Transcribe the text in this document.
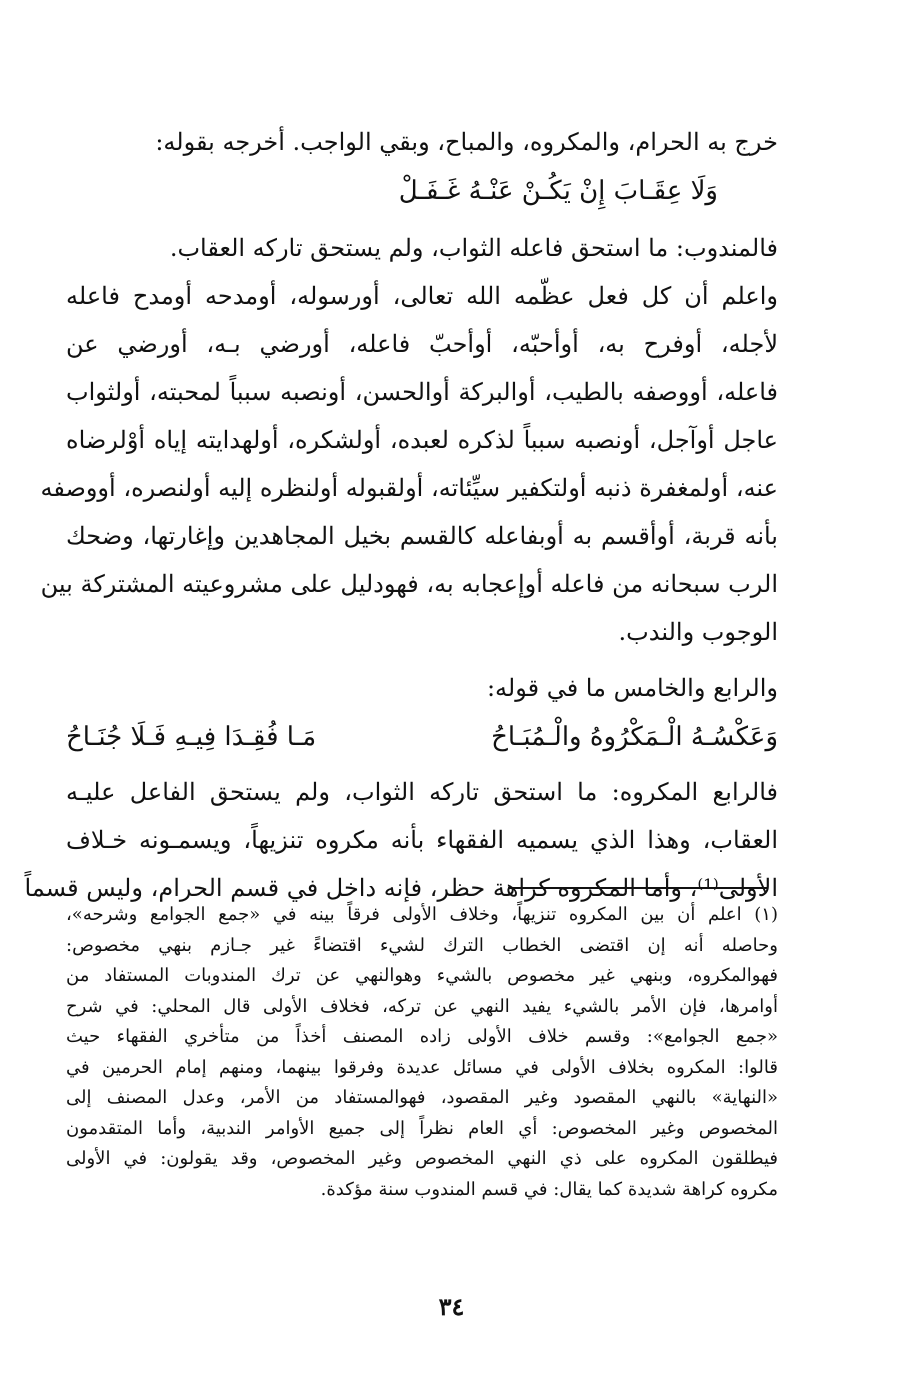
خرج به الحرام، والمكروه، والمباح، وبقي الواجب. أخرجه بقوله:
وَلَا عِقَـابَ إِنْ يَكُـنْ عَنْـهُ غَـفَـلْ
فالمندوب: ما استحق فاعله الثواب، ولم يستحق تاركه العقاب.
واعلم أن كل فعل عظّمه الله تعالى، أورسوله، أومدحه أومدح فاعله
لأجله، أوفرح به، أوأحبّه، أوأحبّ فاعله، أورضي بـه، أورضي عن
فاعله، أووصفه بالطيب، أوالبركة أوالحسن، أونصبه سبباً لمحبته، أولثواب
عاجل أوآجل، أونصبه سبباً لذكره لعبده، أولشكره، أولهدايته إياه أوْلرضاه
عنه، أولمغفرة ذنبه أولتكفير سيِّئاته، أولقبوله أولنظره إليه أولنصره، أووصفه
بأنه قربة، أوأقسم به أوبفاعله كالقسم بخيل المجاهدين وإغارتها، وضحك
الرب سبحانه من فاعله أوإعجابه به، فهودليل على مشروعيته المشتركة بين
الوجوب والندب.
والرابع والخامس ما في قوله:
وَعَكْسُـهُ الْـمَكْرُوهُ والْـمُبَـاحُ
مَـا فُقِـدَا فِيـهِ فَـلَا جُنَـاحُ
فالرابع المكروه: ما استحق تاركه الثواب، ولم يستحق الفاعل عليـه
العقاب، وهذا الذي يسميه الفقهاء بأنه مكروه تنزيهاً، ويسمـونه خـلاف
الأولى⁽¹⁾، وأما المكروه كراهة حظر، فإنه داخل في قسم الحرام، وليس قسماً
(١) اعلم أن بين المكروه تنزيهاً، وخلاف الأولى فرقاً بينه في «جمع الجوامع وشرحه»،
وحاصله أنه إن اقتضى الخطاب الترك لشيء اقتضاءً غير جـازم بنهي مخصوص:
فهوالمكروه، وبنهي غير مخصوص بالشيء وهوالنهي عن ترك المندوبات المستفاد من
أوامرها، فإن الأمر بالشيء يفيد النهي عن تركه، فخلاف الأولى قال المحلي: في شرح
«جمع الجوامع»: وقسم خلاف الأولى زاده المصنف أخذاً من متأخري الفقهاء حيث
قالوا: المكروه بخلاف الأولى في مسائل عديدة وفرقوا بينهما، ومنهم إمام الحرمين في
«النهاية» بالنهي المقصود وغير المقصود، فهوالمستفاد من الأمر، وعدل المصنف إلى
المخصوص وغير المخصوص: أي العام نظراً إلى جميع الأوامر الندبية، وأما المتقدمون
فيطلقون المكروه على ذي النهي المخصوص وغير المخصوص، وقد يقولون: في الأولى
مكروه كراهة شديدة كما يقال: في قسم المندوب سنة مؤكدة.
٣٤
